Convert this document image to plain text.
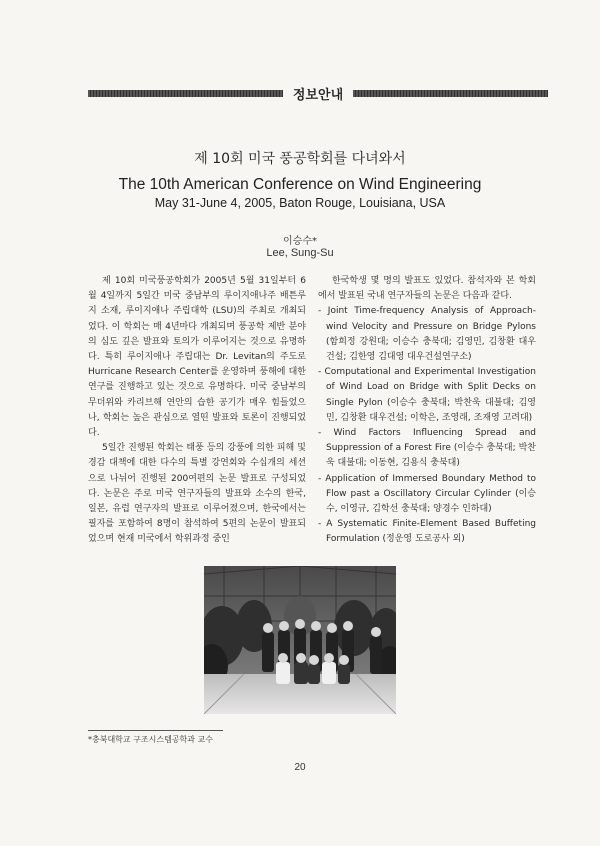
정보안내
제 10회 미국 풍공학회를 다녀와서
The 10th American Conference on Wind Engineering
May 31-June 4, 2005, Baton Rouge, Louisiana, USA
이승수*
Lee, Sung-Su

제 10회 미국풍공학회가 2005년 5월 31일부터 6월 4일까지 5일간 미국 중남부의 루이지애나주 배튼루지 소재, 루이지애나 주립대학 (LSU)의 주최로 개최되었다. 이 학회는 매 4년마다 개최되며 풍공학 제반 분야의 심도 깊은 발표와 토의가 이루어지는 것으로 유명하다. 특히 루이지애나 주립대는 Dr. Levitan의 주도로 Hurricane Research Center를 운영하며 풍해에 대한 연구를 진행하고 있는 것으로 유명하다. 미국 중남부의 무더위와 카리브해 연안의 습한 공기가 매우 힘들었으나, 학회는 높은 관심으로 열띤 발표와 토론이 진행되었다.

5일간 진행된 학회는 태풍 등의 강풍에 의한 피해 및 경감 대책에 대한 다수의 특별 강연회와 수십개의 세션으로 나뉘어 진행된 200여편의 논문 발표로 구성되었다. 논문은 주로 미국 연구자들의 발표와 소수의 한국, 일본, 유럽 연구자의 발표로 이루어졌으며, 한국에서는 필자를 포함하여 8명이 참석하여 5편의 논문이 발표되었으며 현재 미국에서 학위과정 중인

한국학생 몇 명의 발표도 있었다. 참석자와 본 학회에서 발표된 국내 연구자들의 논문은 다음과 같다.

- Joint Time-frequency Analysis of Approach-wind Velocity and Pressure on Bridge Pylons (함희정 강원대; 이승수 충북대; 김영민, 김창환 대우건설; 김한영 김대영 대우건설연구소)
- Computational and Experimental Investigation of Wind Load on Bridge with Split Decks on Single Pylon (이승수 충북대; 박찬욱 대불대; 김영민, 김창환 대우건설; 이학은, 조영래, 조재영 고려대)
- Wind Factors Influencing Spread and Suppression of a Forest Fire (이승수 충북대; 박찬욱 대불대; 이동현, 김용식 충북대)
- Application of Immersed Boundary Method to Flow past a Oscillatory Circular Cylinder (이승수, 이영규, 김학선 충북대; 양경수 인하대)
- A Systematic Finite-Element Based Buffeting Formulation (정운영 도로공사 외)
*충북대학교 구조시스템공학과 교수
20
